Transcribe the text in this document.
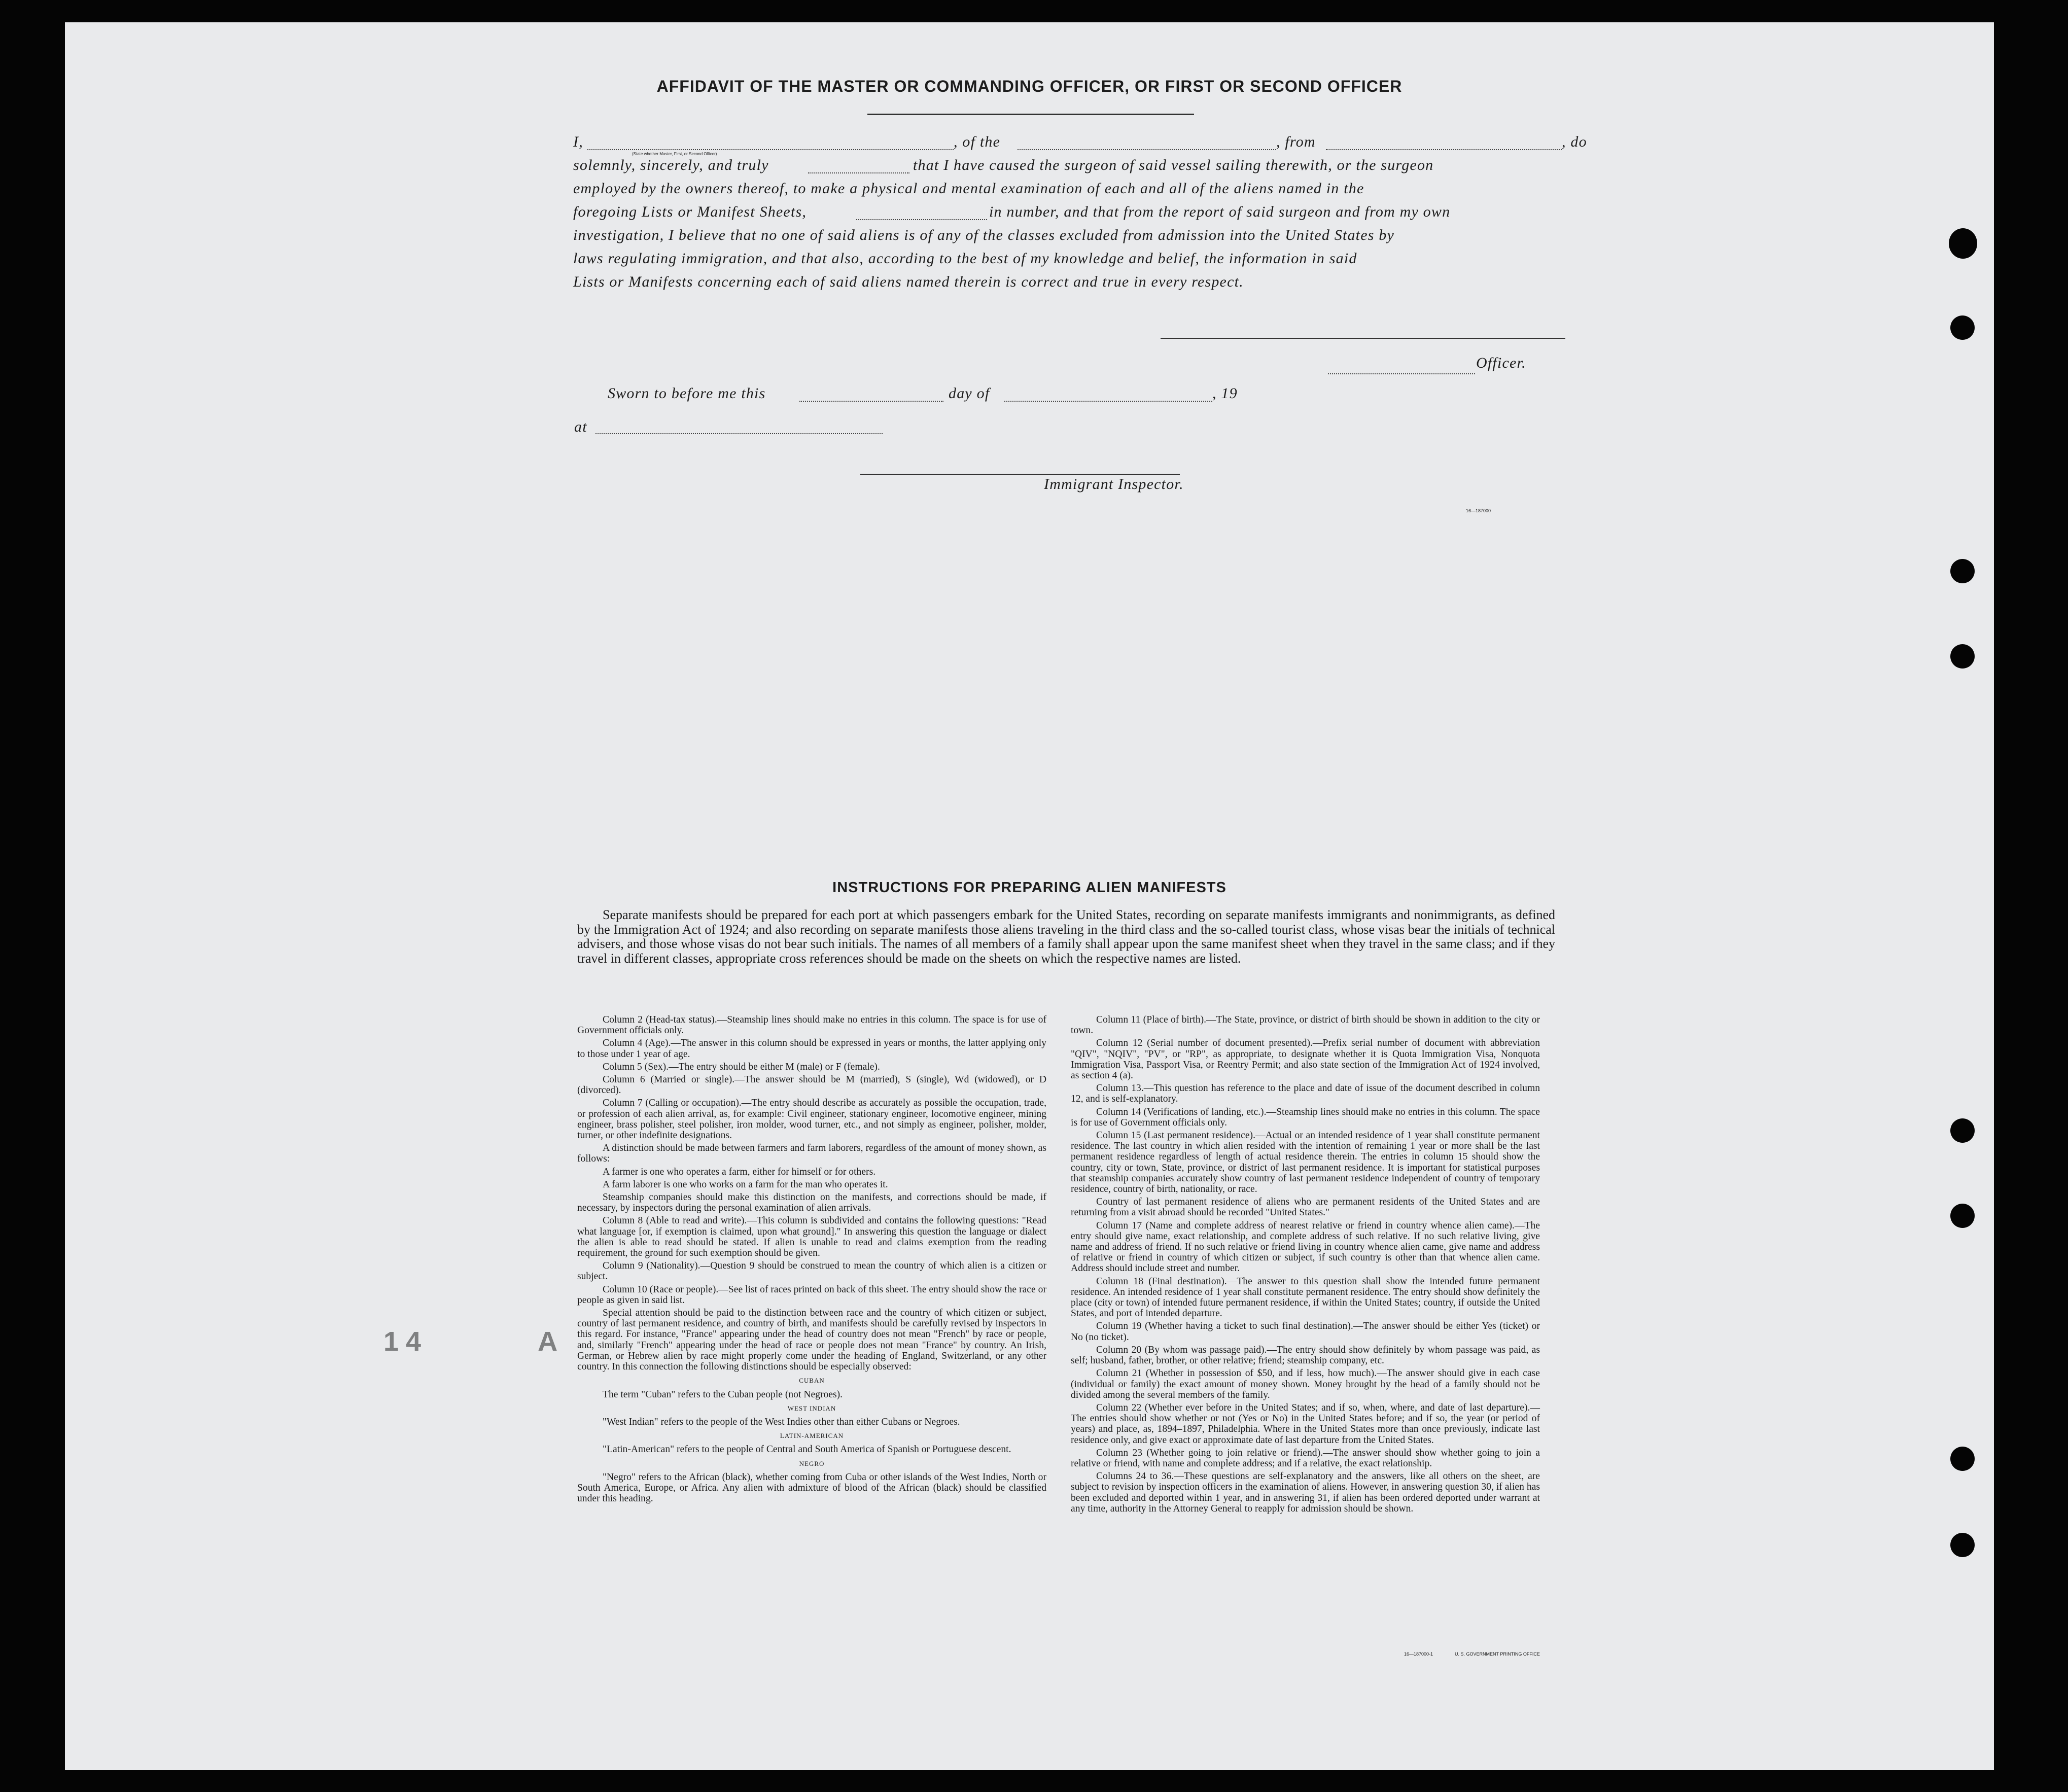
AFFIDAVIT OF THE MASTER OR COMMANDING OFFICER, OR FIRST OR SECOND OFFICER
I,
(State whether Master, First, or Second Officer)
, of the	, from	, do
solemnly, sincerely, and truly	that I have caused the surgeon of said vessel sailing therewith, or the surgeon
employed by the owners thereof, to make a physical and mental examination of each and all of the aliens named in the
foregoing Lists or Manifest Sheets,	in number, and that from the report of said surgeon and from my own
investigation, I believe that no one of said aliens is of any of the classes excluded from admission into the United States by
laws regulating immigration, and that also, according to the best of my knowledge and belief, the information in said
Lists or Manifests concerning each of said aliens named therein is correct and true in every respect.
Officer.
Sworn to before me this	day of	, 19
at
Immigrant Inspector.
16—187000
INSTRUCTIONS FOR PREPARING ALIEN MANIFESTS

Separate manifests should be prepared for each port at which passengers embark for the United States, recording on separate manifests immigrants and nonimmigrants, as defined by the Immigration Act of 1924; and also recording on separate manifests those aliens traveling in the third class and the so-called tourist class, whose visas bear the initials of technical advisers, and those whose visas do not bear such initials. The names of all members of a family shall appear upon the same manifest sheet when they travel in the same class; and if they travel in different classes, appropriate cross references should be made on the sheets on which the respective names are listed.

Column 2 (Head-tax status).—Steamship lines should make no entries in this column. The space is for use of Government officials only.

Column 4 (Age).—The answer in this column should be expressed in years or months, the latter applying only to those under 1 year of age.

Column 5 (Sex).—The entry should be either M (male) or F (female).

Column 6 (Married or single).—The answer should be M (married), S (single), Wd (widowed), or D (divorced).

Column 7 (Calling or occupation).—The entry should describe as accurately as possible the occupation, trade, or profession of each alien arrival, as, for example: Civil engineer, stationary engineer, locomotive engineer, mining engineer, brass polisher, steel polisher, iron molder, wood turner, etc., and not simply as engineer, polisher, molder, turner, or other indefinite designations.

A distinction should be made between farmers and farm laborers, regardless of the amount of money shown, as follows:

A farmer is one who operates a farm, either for himself or for others.

A farm laborer is one who works on a farm for the man who operates it.

Steamship companies should make this distinction on the manifests, and corrections should be made, if necessary, by inspectors during the personal examination of alien arrivals.

Column 8 (Able to read and write).—This column is subdivided and contains the following questions: "Read what language [or, if exemption is claimed, upon what ground]." In answering this question the language or dialect the alien is able to read should be stated. If alien is unable to read and claims exemption from the reading requirement, the ground for such exemption should be given.

Column 9 (Nationality).—Question 9 should be construed to mean the country of which alien is a citizen or subject.

Column 10 (Race or people).—See list of races printed on back of this sheet. The entry should show the race or people as given in said list.

Special attention should be paid to the distinction between race and the country of which citizen or subject, country of last permanent residence, and country of birth, and manifests should be carefully revised by inspectors in this regard. For instance, "France" appearing under the head of country does not mean "French" by race or people, and, similarly "French" appearing under the head of race or people does not mean "France" by country. An Irish, German, or Hebrew alien by race might properly come under the heading of England, Switzerland, or any other country. In this connection the following distinctions should be especially observed:

CUBAN

The term "Cuban" refers to the Cuban people (not Negroes).

WEST INDIAN

"West Indian" refers to the people of the West Indies other than either Cubans or Negroes.

LATIN-AMERICAN

"Latin-American" refers to the people of Central and South America of Spanish or Portuguese descent.

NEGRO

"Negro" refers to the African (black), whether coming from Cuba or other islands of the West Indies, North or South America, Europe, or Africa. Any alien with admixture of blood of the African (black) should be classified under this heading.

Column 11 (Place of birth).—The State, province, or district of birth should be shown in addition to the city or town.

Column 12 (Serial number of document presented).—Prefix serial number of document with abbreviation "QIV", "NQIV", "PV", or "RP", as appropriate, to designate whether it is Quota Immigration Visa, Nonquota Immigration Visa, Passport Visa, or Reentry Permit; and also state section of the Immigration Act of 1924 involved, as section 4 (a).

Column 13.—This question has reference to the place and date of issue of the document described in column 12, and is self-explanatory.

Column 14 (Verifications of landing, etc.).—Steamship lines should make no entries in this column. The space is for use of Government officials only.

Column 15 (Last permanent residence).—Actual or an intended residence of 1 year shall constitute permanent residence. The last country in which alien resided with the intention of remaining 1 year or more shall be the last permanent residence regardless of length of actual residence therein. The entries in column 15 should show the country, city or town, State, province, or district of last permanent residence. It is important for statistical purposes that steamship companies accurately show country of last permanent residence independent of country of temporary residence, country of birth, nationality, or race.

Country of last permanent residence of aliens who are permanent residents of the United States and are returning from a visit abroad should be recorded "United States."

Column 17 (Name and complete address of nearest relative or friend in country whence alien came).—The entry should give name, exact relationship, and complete address of such relative. If no such relative living, give name and address of friend. If no such relative or friend living in country whence alien came, give name and address of relative or friend in country of which citizen or subject, if such country is other than that whence alien came. Address should include street and number.

Column 18 (Final destination).—The answer to this question shall show the intended future permanent residence. An intended residence of 1 year shall constitute permanent residence. The entry should show definitely the place (city or town) of intended future permanent residence, if within the United States; country, if outside the United States, and port of intended departure.

Column 19 (Whether having a ticket to such final destination).—The answer should be either Yes (ticket) or No (no ticket).

Column 20 (By whom was passage paid).—The entry should show definitely by whom passage was paid, as self; husband, father, brother, or other relative; friend; steamship company, etc.

Column 21 (Whether in possession of $50, and if less, how much).—The answer should give in each case (individual or family) the exact amount of money shown. Money brought by the head of a family should not be divided among the several members of the family.

Column 22 (Whether ever before in the United States; and if so, when, where, and date of last departure).—The entries should show whether or not (Yes or No) in the United States before; and if so, the year (or period of years) and place, as, 1894–1897, Philadelphia. Where in the United States more than once previously, indicate last residence only, and give exact or approximate date of last departure from the United States.

Column 23 (Whether going to join relative or friend).—The answer should show whether going to join a relative or friend, with name and complete address; and if a relative, the exact relationship.

Columns 24 to 36.—These questions are self-explanatory and the answers, like all others on the sheet, are subject to revision by inspection officers in the examination of aliens. However, in answering question 30, if alien has been excluded and deported within 1 year, and in answering 31, if alien has been ordered deported under warrant at any time, authority in the Attorney General to reapply for admission should be shown.

16—187000-1	U. S. GOVERNMENT PRINTING OFFICE
14	A
